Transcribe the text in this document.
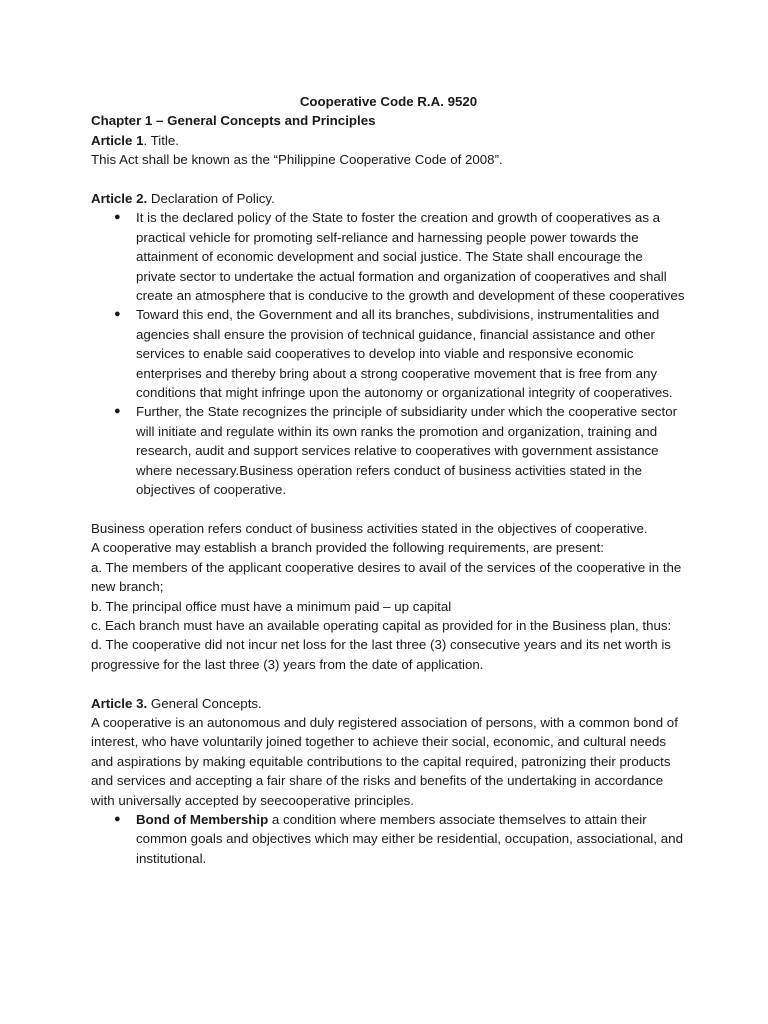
Cooperative Code R.A. 9520

Chapter 1 – General Concepts and Principles

Article 1. Title.

This Act shall be known as the “Philippine Cooperative Code of 2008”.

Article 2. Declaration of Policy.

● It is the declared policy of the State to foster the creation and growth of cooperatives as a practical vehicle for promoting self-reliance and harnessing people power towards the attainment of economic development and social justice. The State shall encourage the private sector to undertake the actual formation and organization of cooperatives and shall create an atmosphere that is conducive to the growth and development of these cooperatives
● Toward this end, the Government and all its branches, subdivisions, instrumentalities and agencies shall ensure the provision of technical guidance, financial assistance and other services to enable said cooperatives to develop into viable and responsive economic enterprises and thereby bring about a strong cooperative movement that is free from any conditions that might infringe upon the autonomy or organizational integrity of cooperatives.
● Further, the State recognizes the principle of subsidiarity under which the cooperative sector will initiate and regulate within its own ranks the promotion and organization, training and research, audit and support services relative to cooperatives with government assistance where necessary.Business operation refers conduct of business activities stated in the objectives of cooperative.

Business operation refers conduct of business activities stated in the objectives of cooperative.

A cooperative may establish a branch provided the following requirements, are present:

a. The members of the applicant cooperative desires to avail of the services of the cooperative in the new branch;

b. The principal office must have a minimum paid – up capital

c. Each branch must have an available operating capital as provided for in the Business plan, thus:

d. The cooperative did not incur net loss for the last three (3) consecutive years and its net worth is progressive for the last three (3) years from the date of application.

Article 3. General Concepts.

A cooperative is an autonomous and duly registered association of persons, with a common bond of interest, who have voluntarily joined together to achieve their social, economic, and cultural needs and aspirations by making equitable contributions to the capital required, patronizing their products and services and accepting a fair share of the risks and benefits of the undertaking in accordance with universally accepted by seecooperative principles.

● Bond of Membership a condition where members associate themselves to attain their common goals and objectives which may either be residential, occupation, associational, and institutional.
